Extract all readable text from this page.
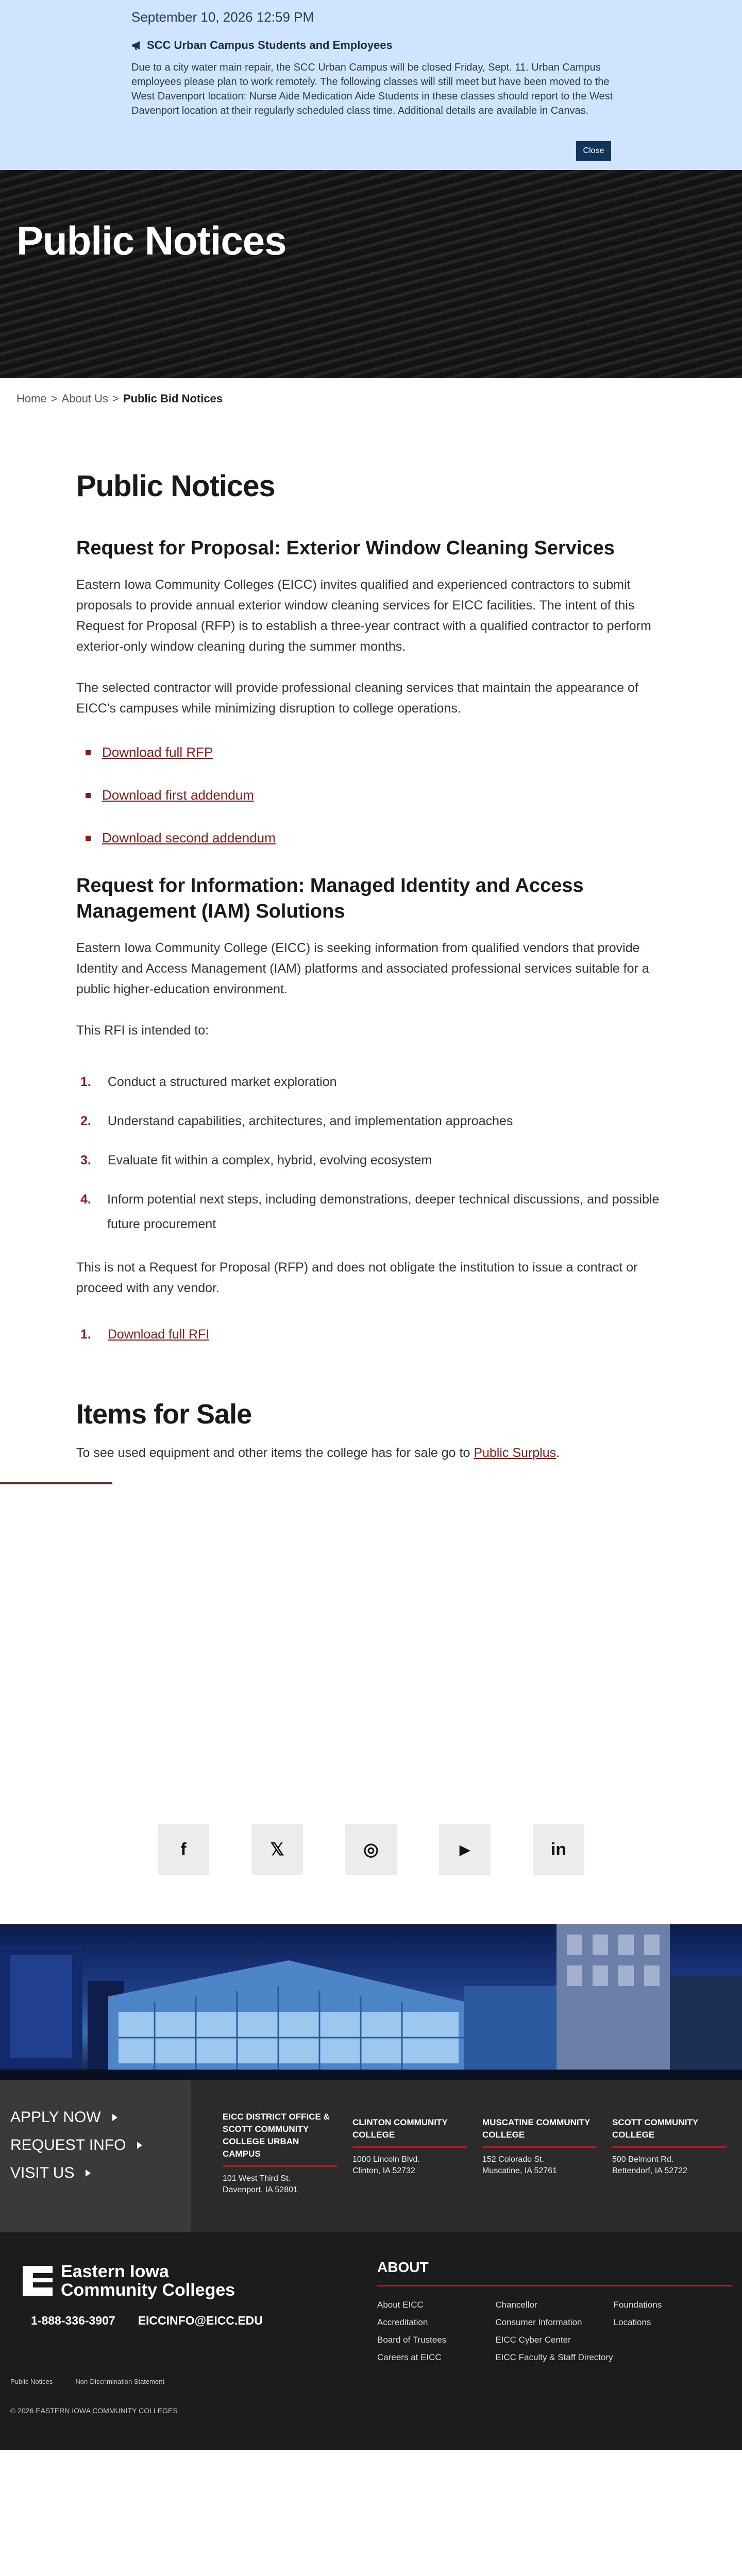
September 10, 2026 12:59 PM
SCC Urban Campus Students and Employees
Due to a city water main repair, the SCC Urban Campus will be closed Friday, Sept. 11. Urban Campus employees please plan to work remotely. The following classes will still meet but have been moved to the West Davenport location: Nurse Aide Medication Aide Students in these classes should report to the West Davenport location at their regularly scheduled class time. Additional details are available in Canvas.
Close
Public Notices
Home > About Us > Public Bid Notices
Public Notices
Request for Proposal: Exterior Window Cleaning Services

Eastern Iowa Community Colleges (EICC) invites qualified and experienced contractors to submit proposals to provide annual exterior window cleaning services for EICC facilities. The intent of this Request for Proposal (RFP) is to establish a three-year contract with a qualified contractor to perform exterior-only window cleaning during the summer months.

The selected contractor will provide professional cleaning services that maintain the appearance of EICC's campuses while minimizing disruption to college operations.

Download full RFP
Download first addendum
Download second addendum
Request for Information: Managed Identity and Access Management (IAM) Solutions

Eastern Iowa Community College (EICC) is seeking information from qualified vendors that provide Identity and Access Management (IAM) platforms and associated professional services suitable for a public higher-education environment.

This RFI is intended to:

1. Conduct a structured market exploration
2. Understand capabilities, architectures, and implementation approaches
3. Evaluate fit within a complex, hybrid, evolving ecosystem
4. Inform potential next steps, including demonstrations, deeper technical discussions, and possible future procurement

This is not a Request for Proposal (RFP) and does not obligate the institution to issue a contract or proceed with any vendor.

1. Download full RFI
Items for Sale

To see used equipment and other items the college has for sale go to Public Surplus.

f	𝕏	◎	▶	in
APPLY NOW
REQUEST INFO
VISIT US
EICC DISTRICT OFFICE & SCOTT COMMUNITY COLLEGE URBAN CAMPUS
101 West Third St.
Davenport, IA 52801
CLINTON COMMUNITY COLLEGE
1000 Lincoln Blvd.
Clinton, IA 52732
MUSCATINE COMMUNITY COLLEGE
152 Colorado St.
Muscatine, IA 52761
SCOTT COMMUNITY COLLEGE
500 Belmont Rd.
Bettendorf, IA 52722
Eastern Iowa
Community Colleges
1-888-336-3907 EICCINFO@EICC.EDU
ABOUT
About EICC
Accreditation
Board of Trustees
Careers at EICC
Chancellor
Consumer Information
EICC Cyber Center
EICC Faculty & Staff Directory
Foundations
Locations
Public Notices	Non-Discrimination Statement
© 2026 EASTERN IOWA COMMUNITY COLLEGES
